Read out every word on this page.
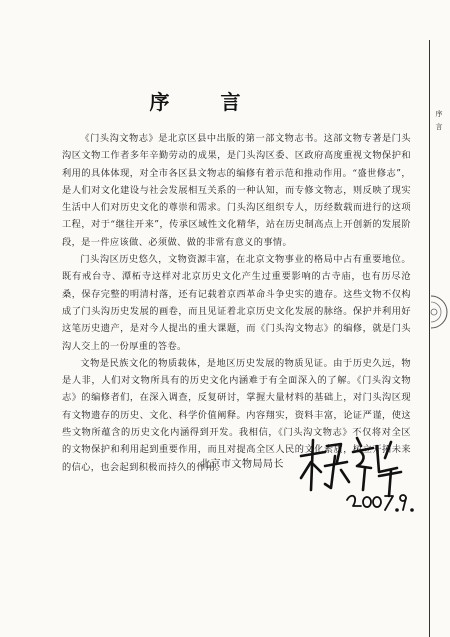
序 言

《门头沟文物志》是北京区县中出版的第一部文物志书。这部文物专著是门头沟区文物工作者多年辛勤劳动的成果，是门头沟区委、区政府高度重视文物保护和利用的具体体现，对全市各区县文物志的编修有着示范和推动作用。“盛世修志”，是人们对文化建设与社会发展相互关系的一种认知，而专修文物志，则反映了现实生活中人们对历史文化的尊崇和需求。门头沟区组织专人，历经数载而进行的这项工程，对于“继往开来”，传承区域性文化精华，站在历史制高点上开创新的发展阶段，是一件应该做、必须做、做的非常有意义的事情。

门头沟区历史悠久，文物资源丰富，在北京文物事业的格局中占有重要地位。既有戒台寺、潭柘寺这样对北京历史文化产生过重要影响的古寺庙，也有历尽沧桑，保存完整的明清村落，还有记载着京西革命斗争史实的遗存。这些文物不仅构成了门头沟历史发展的画卷，而且见证着北京历史文化发展的脉络。保护并利用好这笔历史遗产，是对今人提出的重大课题，而《门头沟文物志》的编修，就是门头沟人交上的一份厚重的答卷。

文物是民族文化的物质载体，是地区历史发展的物质见证。由于历史久远，物是人非，人们对文物所具有的历史文化内涵难于有全面深入的了解。《门头沟文物志》的编修者们，在深入调查，反复研讨，掌握大量材料的基础上，对门头沟区现有文物遗存的历史、文化、科学价值阐释。内容翔实，资料丰富，论证严谨，使这些文物所蕴含的历史文化内涵得到开发。我相信，《门头沟文物志》不仅将对全区的文物保护和利用起到重要作用，而且对提高全区人民的文化素质，树立开拓未来的信心，也会起到积极而持久的作用。

北京市文物局局长
序
言
